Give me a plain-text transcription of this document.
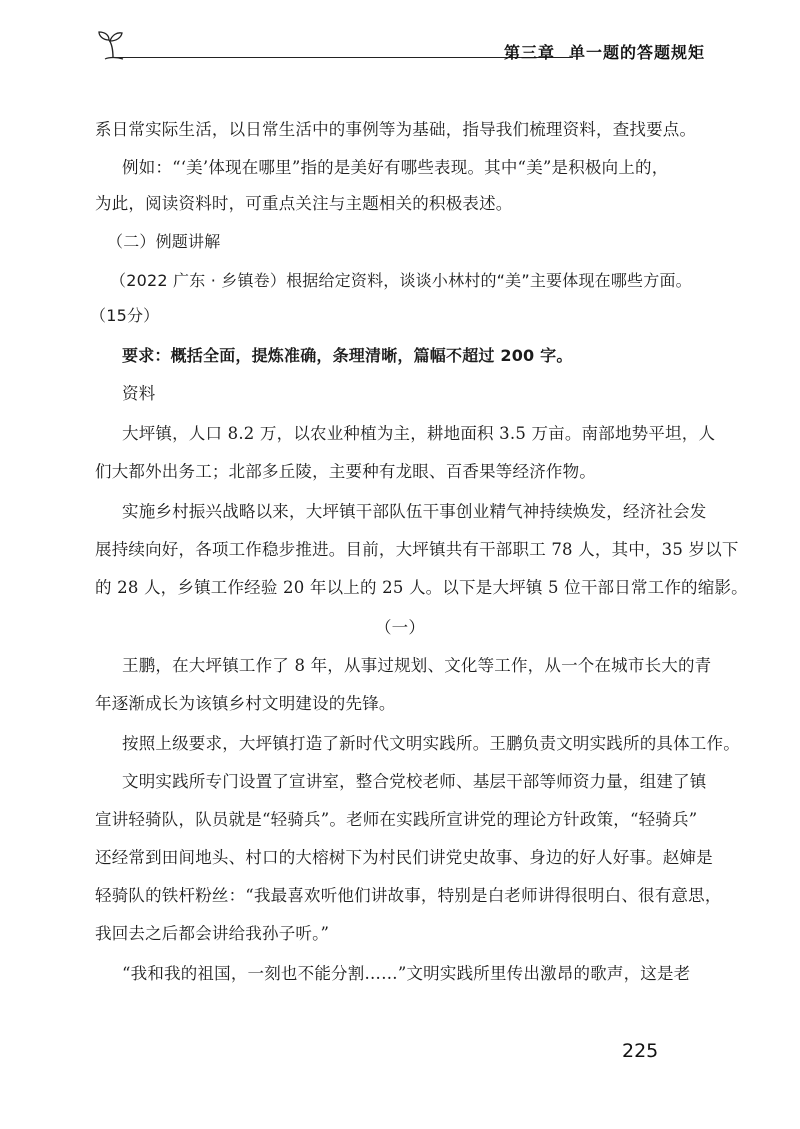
第三章 单一题的答题规矩
系日常实际生活，以日常生活中的事例等为基础，指导我们梳理资料，查找要点。
例如：“‘美’体现在哪里”指的是美好有哪些表现。其中“美”是积极向上的，
为此，阅读资料时，可重点关注与主题相关的积极表述。
（二）例题讲解
（2022 广东 · 乡镇卷）根据给定资料，谈谈小林村的“美”主要体现在哪些方面。
（15分）
要求：概括全面，提炼准确，条理清晰，篇幅不超过 200 字。
资料
大坪镇，人口 8.2 万，以农业种植为主，耕地面积 3.5 万亩。南部地势平坦，人
们大都外出务工；北部多丘陵，主要种有龙眼、百香果等经济作物。
实施乡村振兴战略以来，大坪镇干部队伍干事创业精气神持续焕发，经济社会发
展持续向好，各项工作稳步推进。目前，大坪镇共有干部职工 78 人，其中，35 岁以下
的 28 人，乡镇工作经验 20 年以上的 25 人。以下是大坪镇 5 位干部日常工作的缩影。
（一）
王鹏，在大坪镇工作了 8 年，从事过规划、文化等工作，从一个在城市长大的青
年逐渐成长为该镇乡村文明建设的先锋。
按照上级要求，大坪镇打造了新时代文明实践所。王鹏负责文明实践所的具体工作。
文明实践所专门设置了宣讲室，整合党校老师、基层干部等师资力量，组建了镇
宣讲轻骑队，队员就是“轻骑兵”。老师在实践所宣讲党的理论方针政策，“轻骑兵”
还经常到田间地头、村口的大榕树下为村民们讲党史故事、身边的好人好事。赵婶是
轻骑队的铁杆粉丝：“我最喜欢听他们讲故事，特别是白老师讲得很明白、很有意思，
我回去之后都会讲给我孙子听。”
“我和我的祖国，一刻也不能分割……”文明实践所里传出激昂的歌声，这是老
225
